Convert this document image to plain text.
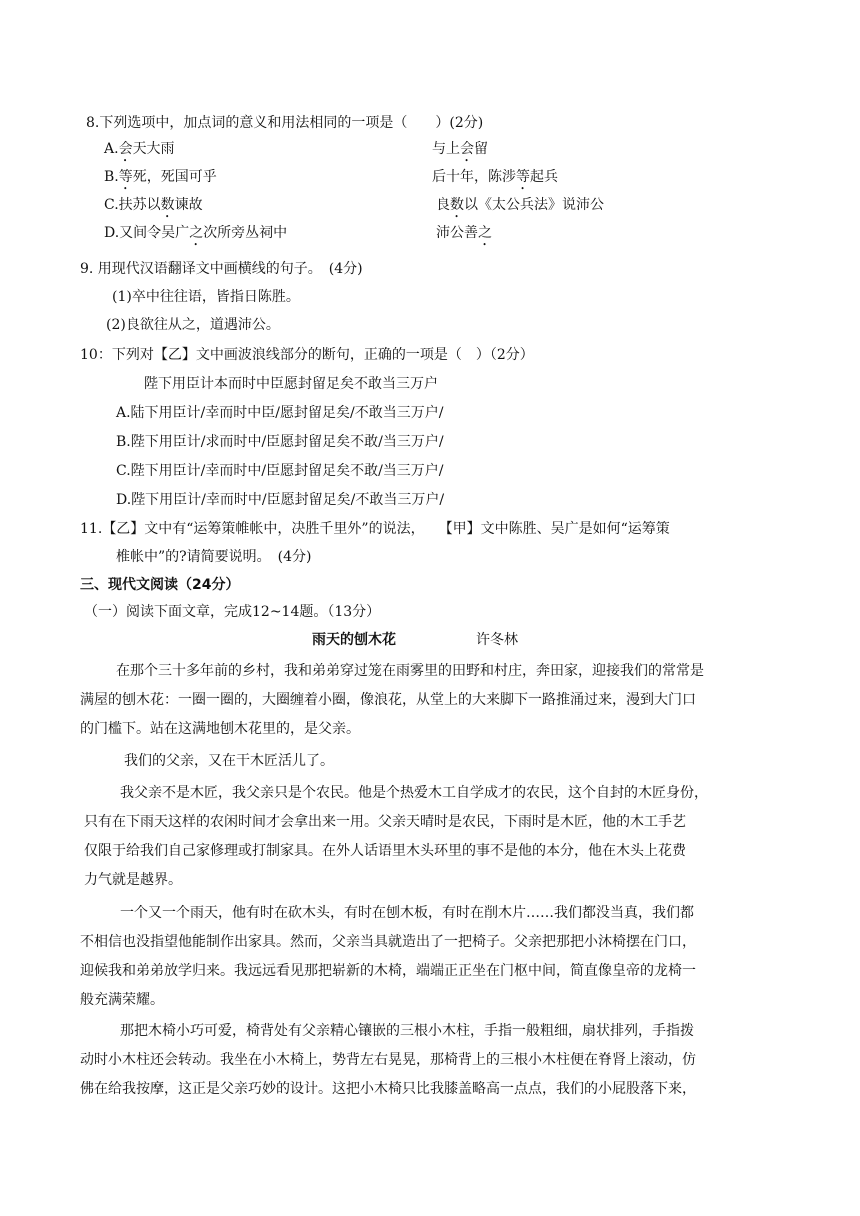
8.下列选项中，加点词的意义和用法相同的一项是（　　）(2分)
A.会天大雨	与上会留
B.等死，死国可乎	后十年，陈涉等起兵
C.扶苏以数谏故	良数以《太公兵法》说沛公
D.又间令吴广之次所旁丛祠中	沛公善之
9. 用现代汉语翻译文中画横线的句子。　(4分)
(1)卒中往往语，皆指日陈胜。
(2)良欲往从之，道遇沛公。
10：下列对【乙】文中画波浪线部分的断句，正确的一项是（　）（2分）
陛下用臣计本而时中臣愿封留足矣不敢当三万户
A.陆下用臣计/幸而时中臣/愿封留足矣/不敢当三万户/
B.陛下用臣计/求而时中/臣愿封留足矣不敢/当三万户/
C.陛下用臣计/幸而时中/臣愿封留足矣不敢/当三万户/
D.陛下用臣计/幸而时中/臣愿封留足矣/不敢当三万户/
11.【乙】文中有“运筹策帷帐中，决胜千里外”的说法，　　【甲】文中陈胜、吴广是如何“运筹策
椎帐中”的?请简要说明。　(4分)
三、现代文阅读（24分）
（一）阅读下面文章，完成12~14题。（13分）
雨天的刨木花	许冬林
在那个三十多年前的乡村，我和弟弟穿过笼在雨雾里的田野和村庄，奔田家，迎接我们的常常是
满屋的刨木花：一圈一圈的，大圈缠着小圈，像浪花，从堂上的大来脚下一路推涌过来，漫到大门口
的门槛下。站在这满地刨木花里的，是父亲。
我们的父亲，又在干木匠活儿了。
我父亲不是木匠，我父亲只是个农民。他是个热爱木工自学成才的农民，这个自封的木匠身份，
只有在下雨天这样的农闲时间才会拿出来一用。父亲天晴时是农民，下雨时是木匠，他的木工手艺
仅限于给我们自己家修理或打制家具。在外人话语里木头环里的事不是他的本分，他在木头上花费
力气就是越界。
一个又一个雨天，他有时在砍木头，有时在刨木板，有时在削木片……我们都没当真，我们都
不相信也没指望他能制作出家具。然而，父亲当具就造出了一把椅子。父亲把那把小沐椅摆在门口，
迎候我和弟弟放学归来。我远远看见那把崭新的木椅，端端正正坐在门枢中间，简直像皇帝的龙椅一
般充满荣耀。
那把木椅小巧可爱，椅背处有父亲精心镶嵌的三根小木柱，手指一般粗细，扇状排列，手指拨
动时小木柱还会转动。我坐在小木椅上，势背左右晃晃，那椅背上的三根小木柱便在脊肾上滚动，仿
佛在给我按摩，这正是父亲巧妙的设计。这把小木椅只比我膝盖略高一点点，我们的小屁股落下来，
